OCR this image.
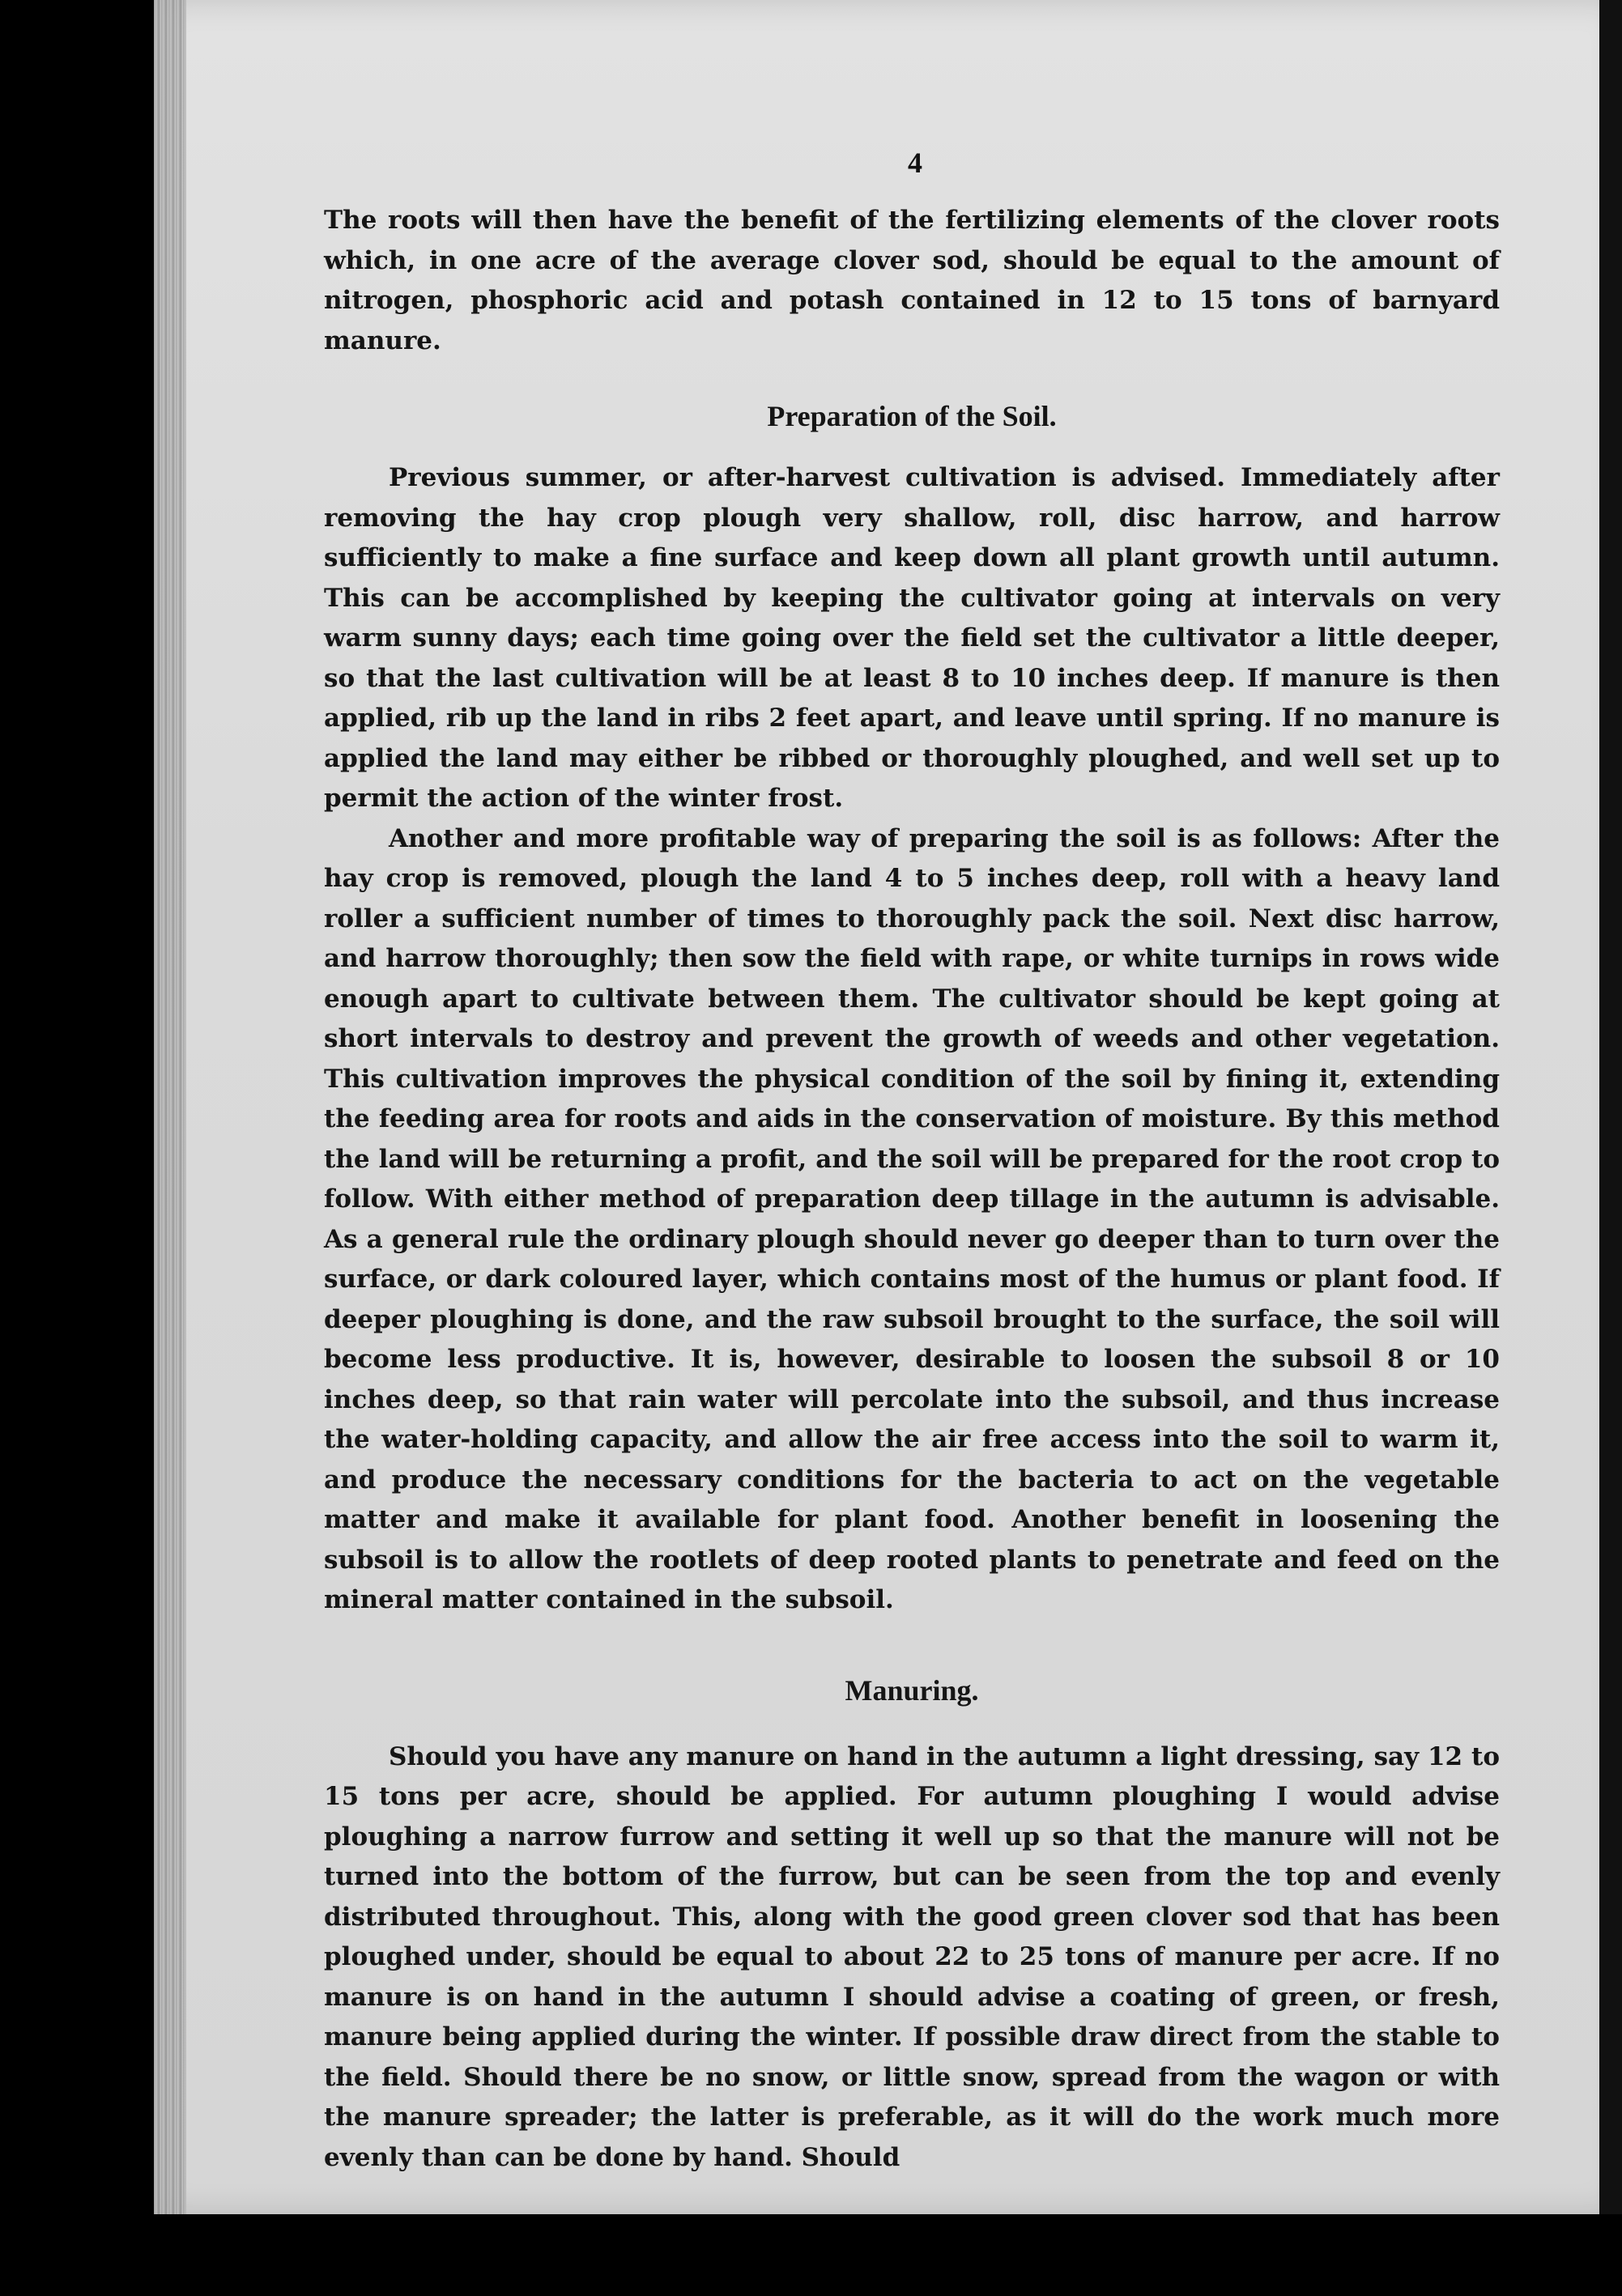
4

The roots will then have the benefit of the fertilizing elements of the clover roots which, in one acre of the average clover sod, should be equal to the amount of nitrogen, phosphoric acid and potash contained in 12 to 15 tons of barnyard manure.

Preparation of the Soil.

Previous summer, or after-harvest cultivation is advised. Immediately after removing the hay crop plough very shallow, roll, disc harrow, and harrow sufficiently to make a fine surface and keep down all plant growth until autumn. This can be accomplished by keeping the cultivator going at intervals on very warm sunny days; each time going over the field set the cultivator a little deeper, so that the last cultivation will be at least 8 to 10 inches deep. If manure is then applied, rib up the land in ribs 2 feet apart, and leave until spring. If no manure is applied the land may either be ribbed or thoroughly ploughed, and well set up to permit the action of the winter frost.

Another and more profitable way of preparing the soil is as follows: After the hay crop is removed, plough the land 4 to 5 inches deep, roll with a heavy land roller a sufficient number of times to thoroughly pack the soil. Next disc harrow, and harrow thoroughly; then sow the field with rape, or white turnips in rows wide enough apart to cultivate between them. The cultivator should be kept going at short intervals to destroy and prevent the growth of weeds and other vegetation. This cultivation improves the physical condition of the soil by fining it, extending the feeding area for roots and aids in the conservation of moisture. By this method the land will be returning a profit, and the soil will be prepared for the root crop to follow. With either method of preparation deep tillage in the autumn is advisable. As a general rule the ordinary plough should never go deeper than to turn over the surface, or dark coloured layer, which contains most of the humus or plant food. If deeper ploughing is done, and the raw subsoil brought to the surface, the soil will become less productive. It is, however, desirable to loosen the subsoil 8 or 10 inches deep, so that rain water will percolate into the subsoil, and thus increase the water-holding capacity, and allow the air free access into the soil to warm it, and produce the necessary conditions for the bacteria to act on the vegetable matter and make it available for plant food. Another benefit in loosening the subsoil is to allow the rootlets of deep rooted plants to penetrate and feed on the mineral matter contained in the subsoil.

Manuring.

Should you have any manure on hand in the autumn a light dressing, say 12 to 15 tons per acre, should be applied. For autumn ploughing I would advise ploughing a narrow furrow and setting it well up so that the manure will not be turned into the bottom of the furrow, but can be seen from the top and evenly distributed throughout. This, along with the good green clover sod that has been ploughed under, should be equal to about 22 to 25 tons of manure per acre. If no manure is on hand in the autumn I should advise a coating of green, or fresh, manure being applied during the winter. If possible draw direct from the stable to the field. Should there be no snow, or little snow, spread from the wagon or with the manure spreader; the latter is preferable, as it will do the work much more evenly than can be done by hand. Should
